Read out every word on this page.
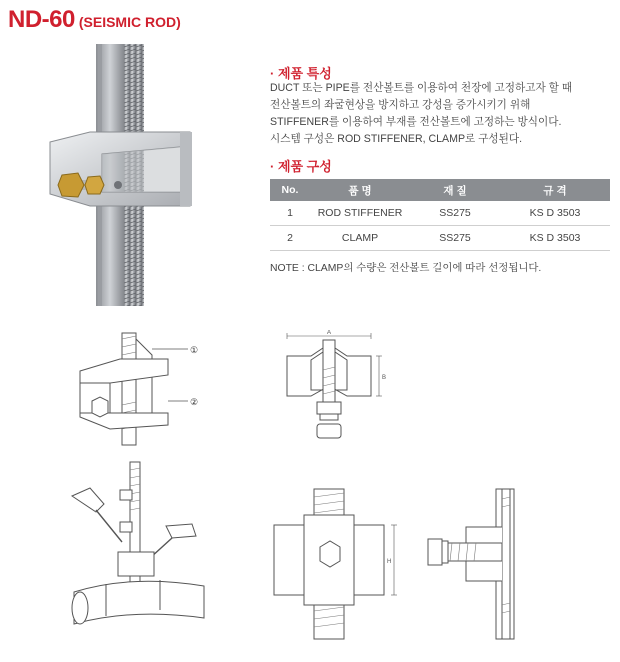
ND-60 (SEISMIC ROD)
· 제품 특성
DUCT 또는 PIPE를 전산볼트를 이용하여 천장에 고정하고자 할 때
전산볼트의 좌굴현상을 방지하고 강성을 증가시키기 위해
STIFFENER를 이용하여 부재를 전산볼트에 고정하는 방식이다.
시스템 구성은 ROD STIFFENER, CLAMP로 구성된다.
· 제품 구성
No.	품 명	재 질	규 격
1	ROD STIFFENER	SS275	KS D 3503
2	CLAMP	SS275	KS D 3503
NOTE : CLAMP의 수량은 전산볼트 길이에 따라 선정됩니다.
①
②
A
B
H
